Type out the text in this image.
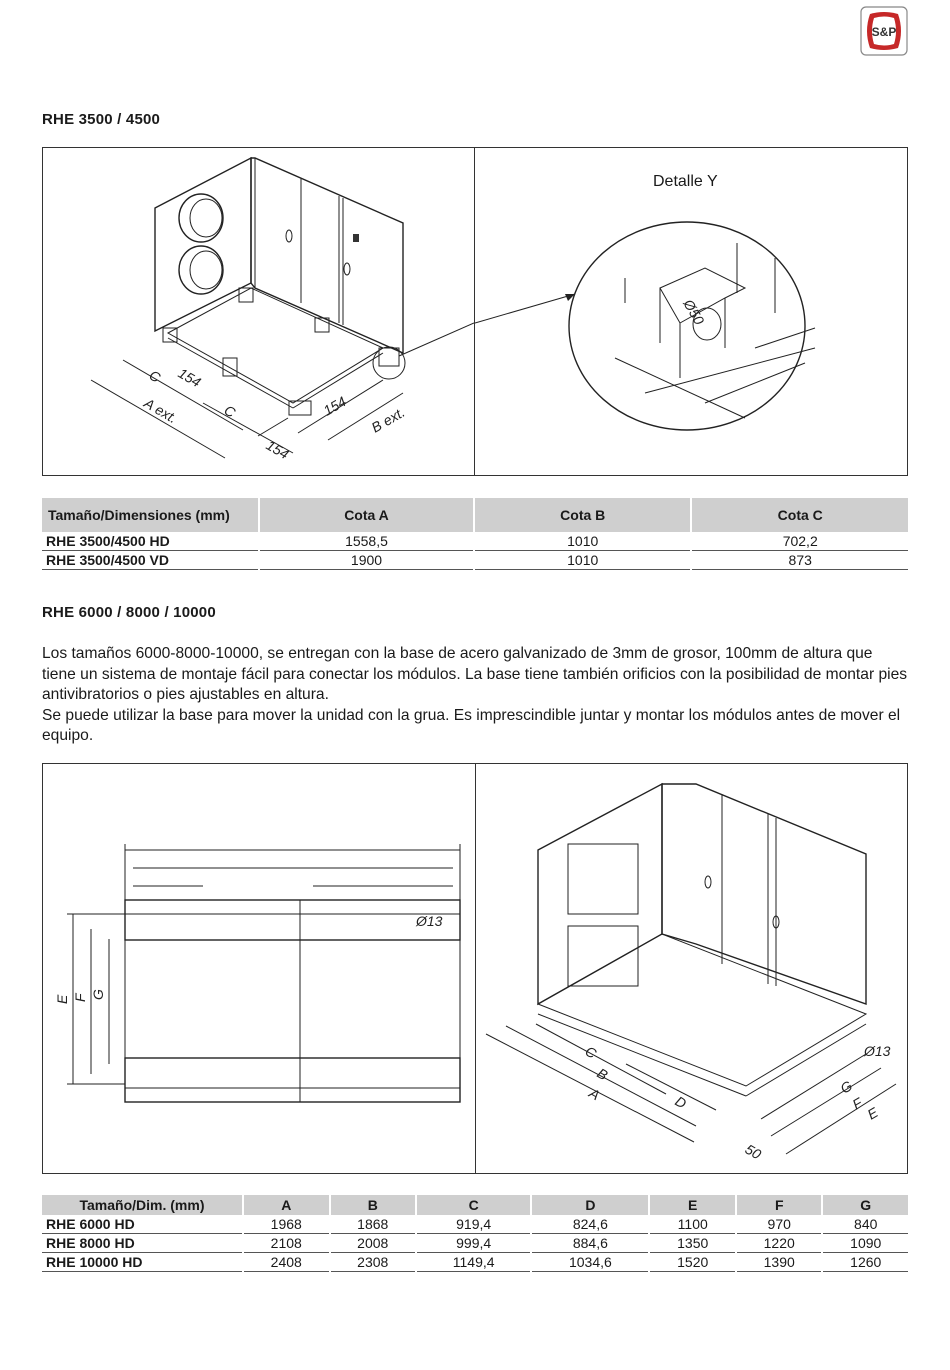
S&P
RHE 3500 / 4500
C 154
A ext.	C
154
154 B ext.
Detalle Y
Ø50
Tamaño/Dimensiones (mm)	Cota A	Cota B	Cota C
RHE 3500/4500 HD	1558,5	1010	702,2
RHE 3500/4500 VD	1900	1010	873
RHE 6000 / 8000 / 10000

Los tamaños 6000-8000-10000, se entregan con la base de acero galvanizado de 3mm de grosor, 100mm de altura que tiene un sistema de montaje fácil para conectar los módulos. La base tiene también orificios con la posibilidad de montar pies antivibratorios o pies ajustables en altura.

Se puede utilizar la base para mover la unidad con la grua. Es imprescindible juntar y montar los módulos antes de mover el equipo.

E F G
Ø13
C
B
A	D
50
G
F
E
Ø13
Tamaño/Dim. (mm)	A	B	C	D	E	F	G
RHE 6000 HD	1968	1868	919,4	824,6	1100	970	840
RHE 8000 HD	2108	2008	999,4	884,6	1350	1220	1090
RHE 10000 HD	2408	2308	1149,4	1034,6	1520	1390	1260
